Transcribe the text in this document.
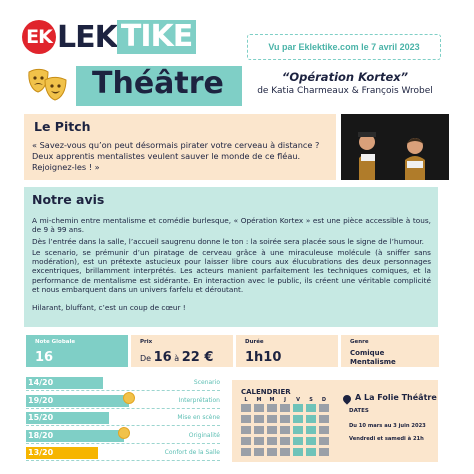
EK LEK TIKE	Vu par Eklektike.com le 7 avril 2023
Théâtre	“Opération Kortex”
de Katia Charmeaux & François Wrobel
Le Pitch

« Savez-vous qu’on peut désormais pirater votre cerveau à distance ? Deux apprentis mentalistes veulent sauver le monde de ce fléau. Rejoignez-les ! »

Notre avis

A mi-chemin entre mentalisme et comédie burlesque, « Opération Kortex » est une pièce accessible à tous, de 9 à 99 ans.

Dès l’entrée dans la salle, l’accueil saugrenu donne le ton : la soirée sera placée sous le signe de l’humour.

Le scenario, se prémunir d’un piratage de cerveau grâce à une miraculeuse molécule (à sniffer sans modération), est un prétexte astucieux pour laisser libre cours aux élucubrations des deux personnages excentriques, brillamment interprétés. Les acteurs manient parfaitement les techniques comiques, et la performance de mentalisme est sidérante. En interaction avec le public, ils créent une véritable complicité et nous embarquent dans un univers farfelu et déroutant.

Hilarant, bluffant, c’est un coup de cœur !

Note Globale
16
Prix
De 16 à 22 €
Durée
1h10
Genre
Comique
Mentalisme
14/20	Scenario
19/20	Interprétation
15/20	Mise en scène
18/20	Originalité
13/20	Confort de la Salle
CALENDRIER
L	M	M	J	V	S	D	A La Folie Théâtre
DATES
Du 10 mars au 3 juin 2023
Vendredi et samedi à 21h
